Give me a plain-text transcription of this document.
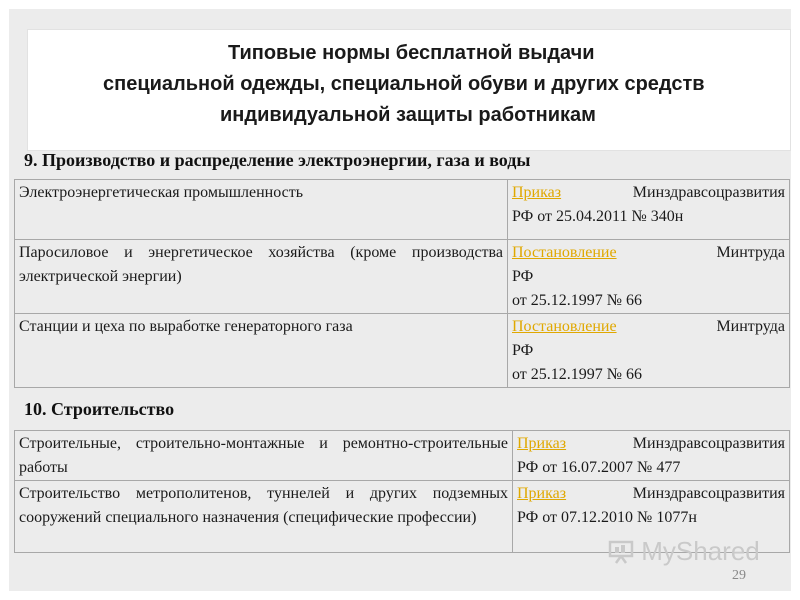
Типовые нормы бесплатной выдачи
специальной одежды, специальной обуви и других средств
индивидуальной защиты работникам
9. Производство и распределение электроэнергии, газа и воды
Электроэнергетическая промышленность	Приказ Минздравсоцразвития
РФ от 25.04.2011 № 340н

Паросиловое и энергетическое хозяйства (кроме производства электрической энергии)	Постановление Минтруда
РФ
от 25.12.1997 № 66

Станции и цеха по выработке генераторного газа	Постановление Минтруда
РФ
от 25.12.1997 № 66
10. Строительство
Строительные, строительно-монтажные и ремонтно-строительные работы	Приказ Минздравсоцразвития
РФ от 16.07.2007 № 477

Строительство метрополитенов, туннелей и других подземных сооружений специального назначения (специфические профессии)	Приказ Минздравсоцразвития
РФ от 07.12.2010 № 1077н
MyShared
29
